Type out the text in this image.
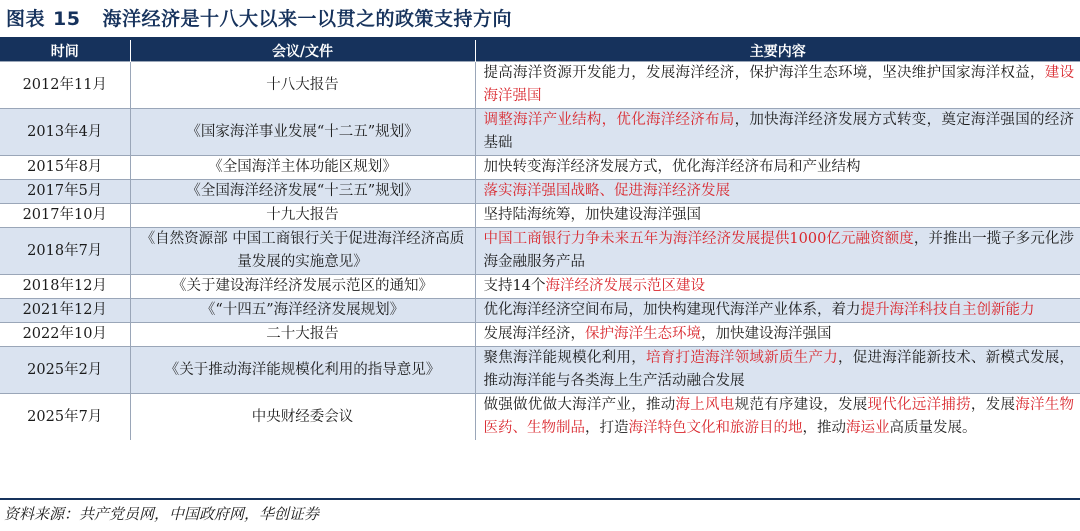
图表 15 海洋经济是十八大以来一以贯之的政策支持方向
时间	会议/文件	主要内容
2012年11月	十八大报告	提高海洋资源开发能力，发展海洋经济，保护海洋生态环境，坚决维护国家海洋权益，建设海洋强国
2013年4月	《国家海洋事业发展“十二五”规划》	调整海洋产业结构，优化海洋经济布局，加快海洋经济发展方式转变，奠定海洋强国的经济基础
2015年8月	《全国海洋主体功能区规划》	加快转变海洋经济发展方式，优化海洋经济布局和产业结构
2017年5月	《全国海洋经济发展“十三五”规划》	落实海洋强国战略、促进海洋经济发展
2017年10月	十九大报告	坚持陆海统筹，加快建设海洋强国
2018年7月	《自然资源部 中国工商银行关于促进海洋经济高质量发展的实施意见》	中国工商银行力争未来五年为海洋经济发展提供1000亿元融资额度，并推出一揽子多元化涉海金融服务产品
2018年12月	《关于建设海洋经济发展示范区的通知》	支持14个海洋经济发展示范区建设
2021年12月	《“十四五”海洋经济发展规划》	优化海洋经济空间布局，加快构建现代海洋产业体系，着力提升海洋科技自主创新能力
2022年10月	二十大报告	发展海洋经济，保护海洋生态环境，加快建设海洋强国
2025年2月	《关于推动海洋能规模化利用的指导意见》	聚焦海洋能规模化利用，培育打造海洋领域新质生产力，促进海洋能新技术、新模式发展，推动海洋能与各类海上生产活动融合发展
2025年7月	中央财经委会议	做强做优做大海洋产业，推动海上风电规范有序建设，发展现代化远洋捕捞，发展海洋生物医药、生物制品，打造海洋特色文化和旅游目的地，推动海运业高质量发展。
资料来源：共产党员网，中国政府网，华创证券
